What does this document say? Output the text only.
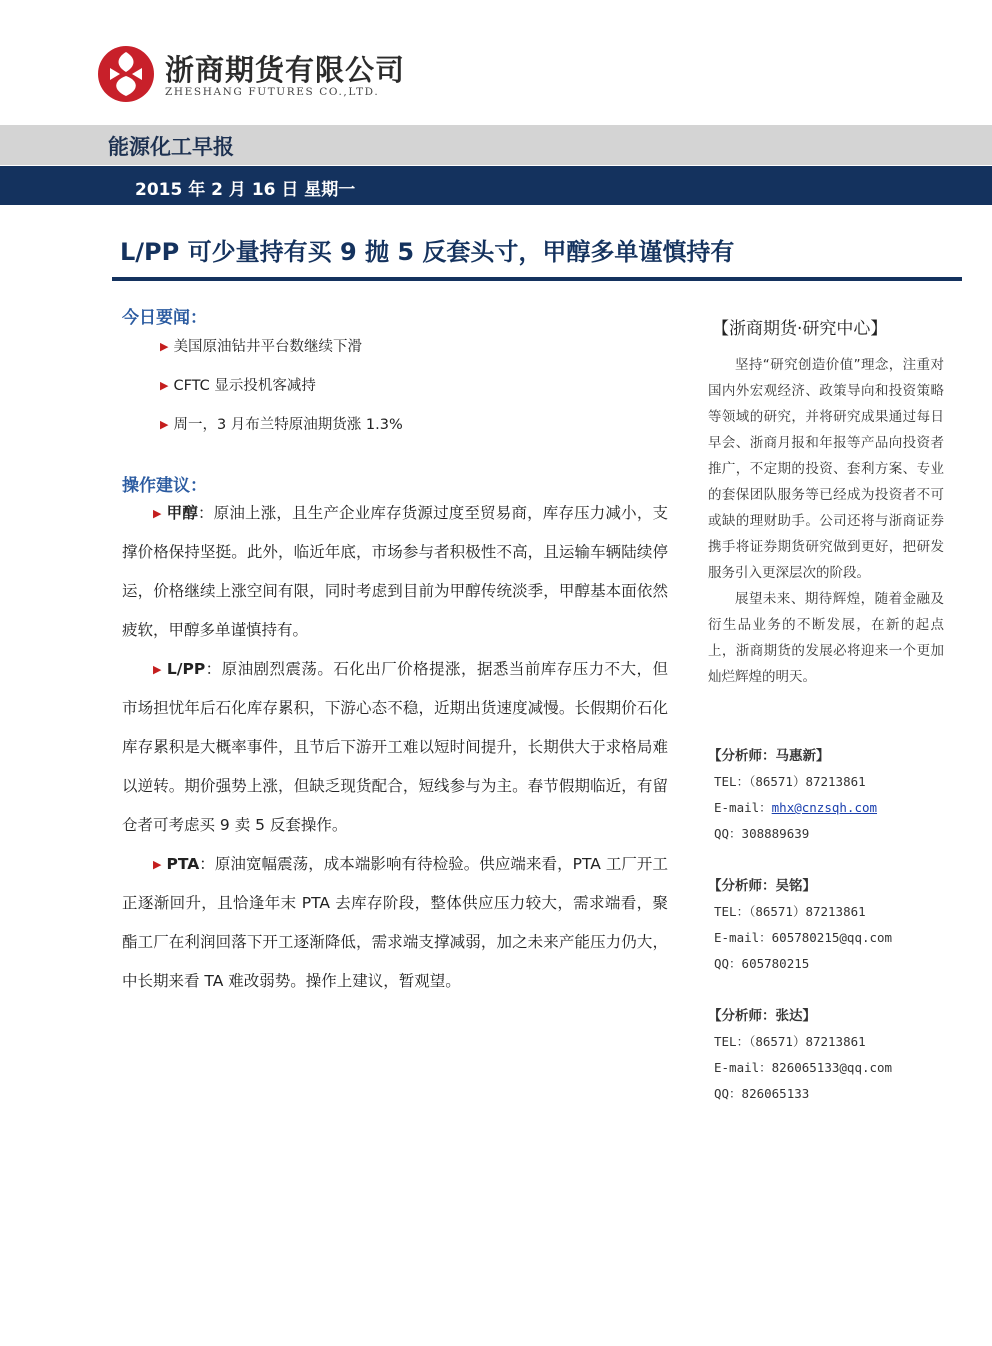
浙商期货有限公司
ZHESHANG FUTURES CO.,LTD.
能源化工早报
2015 年 2 月 16 日 星期一
L/PP 可少量持有买 9 抛 5 反套头寸，甲醇多单谨慎持有
今日要闻：
▶ 美国原油钻井平台数继续下滑
▶ CFTC 显示投机客减持
▶ 周一，3 月布兰特原油期货涨 1.3%
操作建议：

▶ 甲醇：原油上涨，且生产企业库存货源过度至贸易商，库存压力减小，支撑价格保持坚挺。此外，临近年底，市场参与者积极性不高，且运输车辆陆续停运，价格继续上涨空间有限，同时考虑到目前为甲醇传统淡季，甲醇基本面依然疲软，甲醇多单谨慎持有。

▶ L/PP：原油剧烈震荡。石化出厂价格提涨，据悉当前库存压力不大，但市场担忧年后石化库存累积，下游心态不稳，近期出货速度减慢。长假期价石化库存累积是大概率事件，且节后下游开工难以短时间提升，长期供大于求格局难以逆转。期价强势上涨，但缺乏现货配合，短线参与为主。春节假期临近，有留仓者可考虑买 9 卖 5 反套操作。

▶ PTA：原油宽幅震荡，成本端影响有待检验。供应端来看，PTA 工厂开工正逐渐回升，且恰逢年末 PTA 去库存阶段，整体供应压力较大，需求端看，聚酯工厂在利润回落下开工逐渐降低，需求端支撑减弱，加之未来产能压力仍大，中长期来看 TA 难改弱势。操作上建议，暂观望。

【浙商期货·研究中心】

坚持“研究创造价值”理念，注重对国内外宏观经济、政策导向和投资策略等领域的研究，并将研究成果通过每日早会、浙商月报和年报等产品向投资者推广，不定期的投资、套利方案、专业的套保团队服务等已经成为投资者不可或缺的理财助手。公司还将与浙商证券携手将证券期货研究做到更好，把研发服务引入更深层次的阶段。

展望未来、期待辉煌，随着金融及衍生品业务的不断发展，在新的起点上，浙商期货的发展必将迎来一个更加灿烂辉煌的明天。

【分析师：马惠新】
TEL：（86571）87213861
E-mail：mhx@cnzsqh.com
QQ：308889639
【分析师：吴铭】
TEL：（86571）87213861
E-mail：605780215@qq.com
QQ：605780215
【分析师：张达】
TEL：（86571）87213861
E-mail：826065133@qq.com
QQ：826065133
